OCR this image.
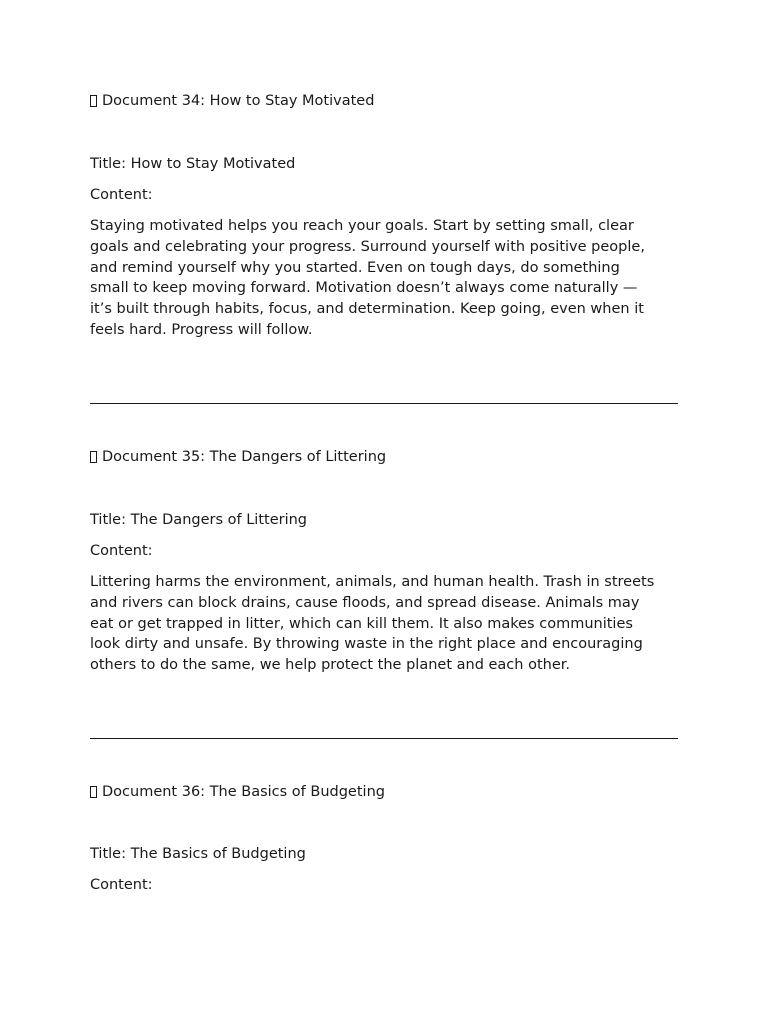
Document 34: How to Stay Motivated
Title: How to Stay Motivated
Content:
Staying motivated helps you reach your goals. Start by setting small, clear
goals and celebrating your progress. Surround yourself with positive people,
and remind yourself why you started. Even on tough days, do something
small to keep moving forward. Motivation doesn’t always come naturally —
it’s built through habits, focus, and determination. Keep going, even when it
feels hard. Progress will follow.
Document 35: The Dangers of Littering
Title: The Dangers of Littering
Content:
Littering harms the environment, animals, and human health. Trash in streets
and rivers can block drains, cause floods, and spread disease. Animals may
eat or get trapped in litter, which can kill them. It also makes communities
look dirty and unsafe. By throwing waste in the right place and encouraging
others to do the same, we help protect the planet and each other.
Document 36: The Basics of Budgeting
Title: The Basics of Budgeting
Content:
